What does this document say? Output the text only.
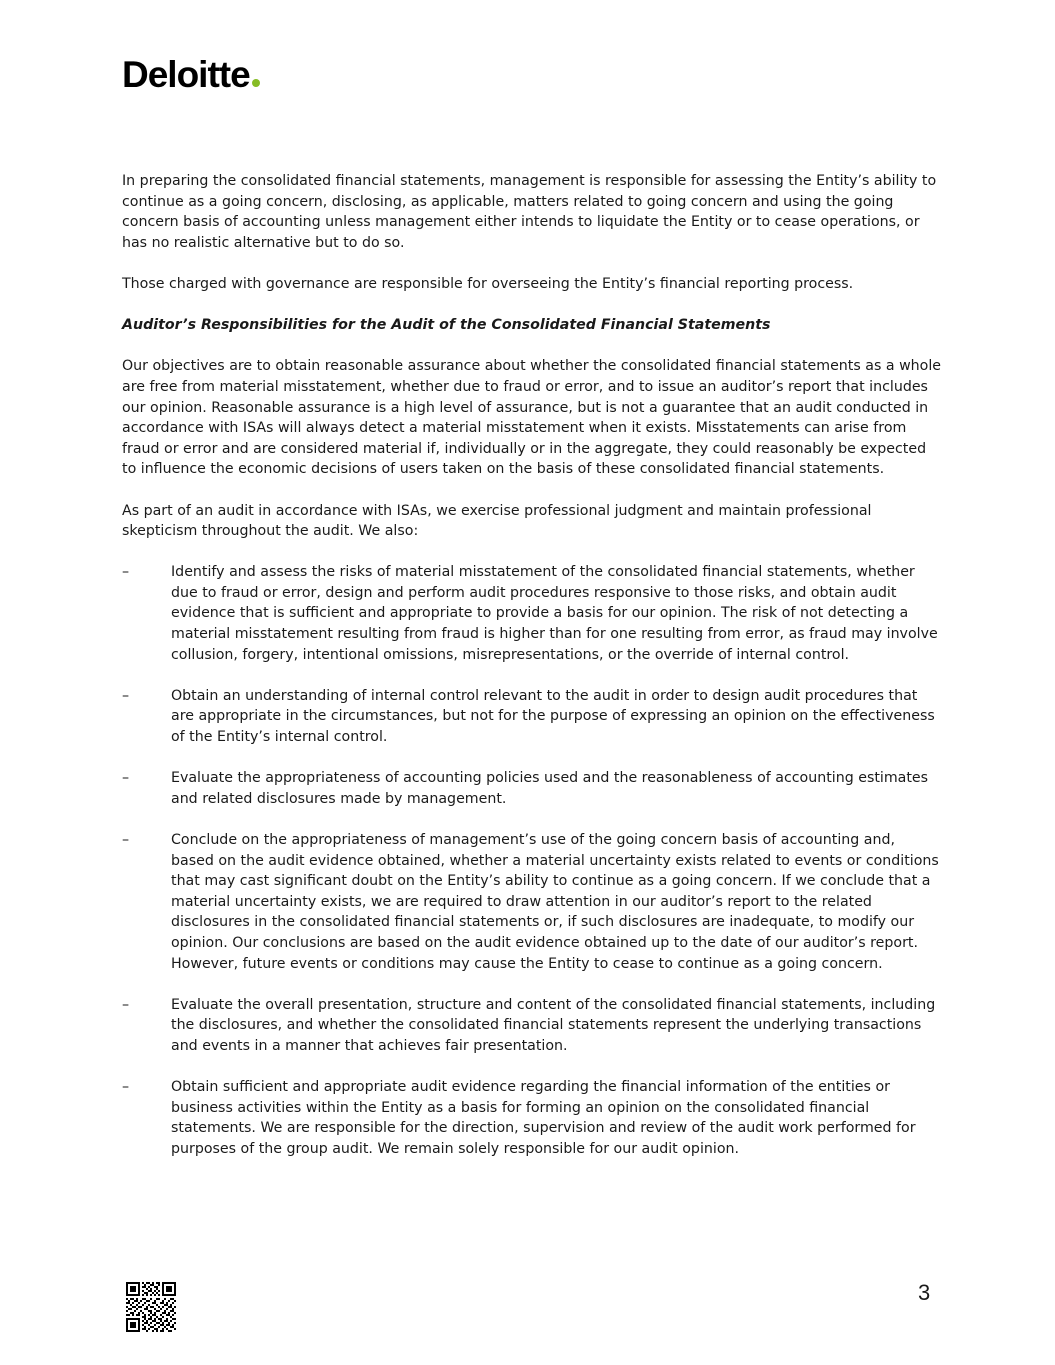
Deloitte

In preparing the consolidated financial statements, management is responsible for assessing the Entity’s ability to continue as a going concern, disclosing, as applicable, matters related to going concern and using the going concern basis of accounting unless management either intends to liquidate the Entity or to cease operations, or has no realistic alternative but to do so.

Those charged with governance are responsible for overseeing the Entity’s financial reporting process.

Auditor’s Responsibilities for the Audit of the Consolidated Financial Statements

Our objectives are to obtain reasonable assurance about whether the consolidated financial statements as a whole are free from material misstatement, whether due to fraud or error, and to issue an auditor’s report that includes our opinion. Reasonable assurance is a high level of assurance, but is not a guarantee that an audit conducted in accordance with ISAs will always detect a material misstatement when it exists. Misstatements can arise from fraud or error and are considered material if, individually or in the aggregate, they could reasonably be expected to influence the economic decisions of users taken on the basis of these consolidated financial statements.

As part of an audit in accordance with ISAs, we exercise professional judgment and maintain professional skepticism throughout the audit. We also:

–	Identify and assess the risks of material misstatement of the consolidated financial statements, whether due to fraud or error, design and perform audit procedures responsive to those risks, and obtain audit evidence that is sufficient and appropriate to provide a basis for our opinion. The risk of not detecting a material misstatement resulting from fraud is higher than for one resulting from error, as fraud may involve collusion, forgery, intentional omissions, misrepresentations, or the override of internal control.
–	Obtain an understanding of internal control relevant to the audit in order to design audit procedures that are appropriate in the circumstances, but not for the purpose of expressing an opinion on the effectiveness of the Entity’s internal control.
–	Evaluate the appropriateness of accounting policies used and the reasonableness of accounting estimates and related disclosures made by management.
–	Conclude on the appropriateness of management’s use of the going concern basis of accounting and, based on the audit evidence obtained, whether a material uncertainty exists related to events or conditions that may cast significant doubt on the Entity’s ability to continue as a going concern. If we conclude that a material uncertainty exists, we are required to draw attention in our auditor’s report to the related disclosures in the consolidated financial statements or, if such disclosures are inadequate, to modify our opinion. Our conclusions are based on the audit evidence obtained up to the date of our auditor’s report. However, future events or conditions may cause the Entity to cease to continue as a going concern.
–	Evaluate the overall presentation, structure and content of the consolidated financial statements, including the disclosures, and whether the consolidated financial statements represent the underlying transactions and events in a manner that achieves fair presentation.
–	Obtain sufficient and appropriate audit evidence regarding the financial information of the entities or business activities within the Entity as a basis for forming an opinion on the consolidated financial statements. We are responsible for the direction, supervision and review of the audit work performed for purposes of the group audit. We remain solely responsible for our audit opinion.
3
